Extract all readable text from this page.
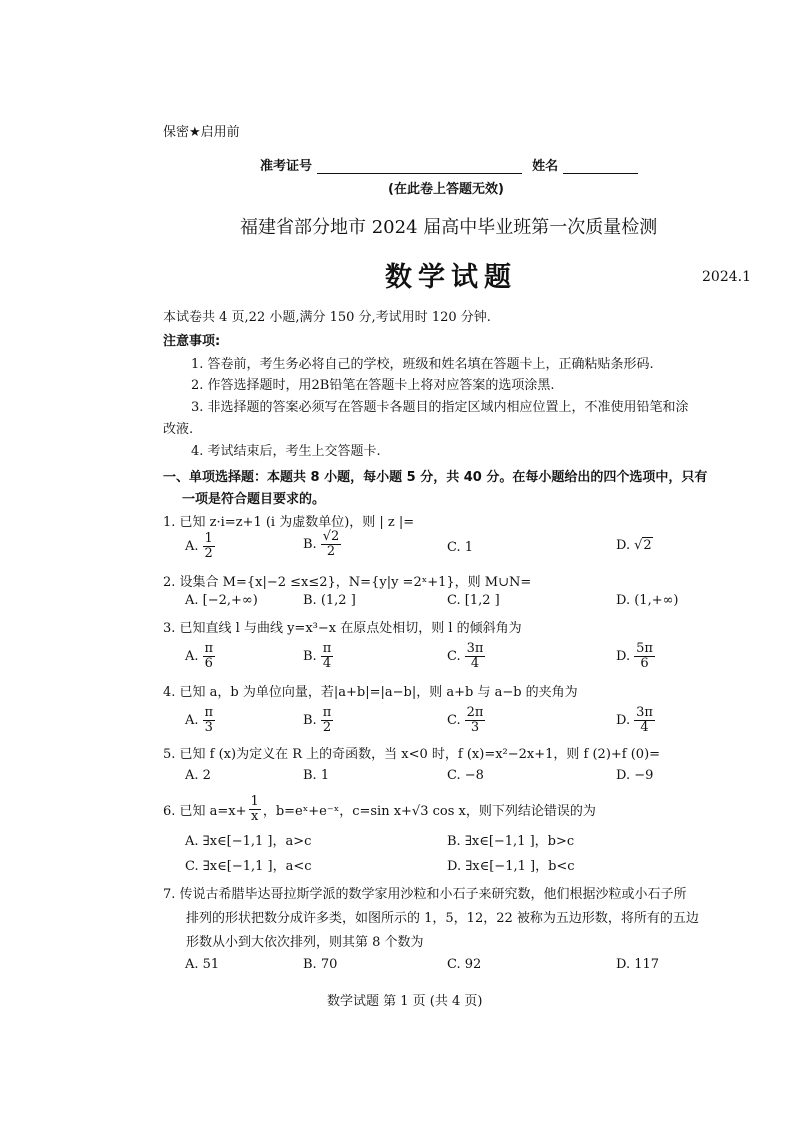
保密★启用前
准考证号	姓名
(在此卷上答题无效)
福建省部分地市 2024 届高中毕业班第一次质量检测
数学试题	2024.1
本试卷共 4 页,22 小题,满分 150 分,考试用时 120 分钟.
注意事项:
1. 答卷前，考生务必将自己的学校，班级和姓名填在答题卡上，正确粘贴条形码.
2. 作答选择题时，用2B铅笔在答题卡上将对应答案的选项涂黑.
3. 非选择题的答案必须写在答题卡各题目的指定区域内相应位置上，不准使用铅笔和涂
改液.
4. 考试结束后，考生上交答题卡.
一、单项选择题：本题共 8 小题，每小题 5 分，共 40 分。在每小题给出的四个选项中，只有
一项是符合题目要求的。
1. 已知 z·i=z+1 (i 为虚数单位)，则 | z |=
A. $\frac{1}{2}$	B. $\frac{√2}{2}$	C. 1	D. √2
2. 设集合 M={x|−2 ≤x≤2}，N={y|y =2ˣ+1}，则 M∪N=
A. [−2,+∞)	B. (1,2 ]	C. [1,2 ]	D. (1,+∞)
3. 已知直线 l 与曲线 y=x³−x 在原点处相切，则 l 的倾斜角为
A. $\frac{\pi}{6}$	B. $\frac{\pi}{4}$	C. $\frac{3\pi}{4}$	D. $\frac{5\pi}{6}$
4. 已知 a，b 为单位向量，若|a+b|=|a−b|，则 a+b 与 a−b 的夹角为
A. $\frac{\pi}{3}$	B. $\frac{\pi}{2}$	C. $\frac{2\pi}{3}$	D. $\frac{3\pi}{4}$
5. 已知 f (x)为定义在 R 上的奇函数，当 x<0 时，f (x)=x²−2x+1，则 f (2)+f (0)=
A. 2	B. 1	C. −8	D. −9
6. 已知 $a=x+ \frac{1}{x}$ ，b=eˣ+e⁻ˣ，c=sin x+√3 cos x，则下列结论错误的为
A. ∃x∈[−1,1 ]，a>c	B. ∃x∈[−1,1 ]，b>c
C. ∃x∈[−1,1 ]，a<c	D. ∃x∈[−1,1 ]，b<c
7. 传说古希腊毕达哥拉斯学派的数学家用沙粒和小石子来研究数，他们根据沙粒或小石子所
排列的形状把数分成许多类，如图所示的 1，5，12，22 被称为五边形数，将所有的五边
形数从小到大依次排列，则其第 8 个数为
A. 51	B. 70	C. 92	D. 117
数学试题 第 1 页 (共 4 页)
